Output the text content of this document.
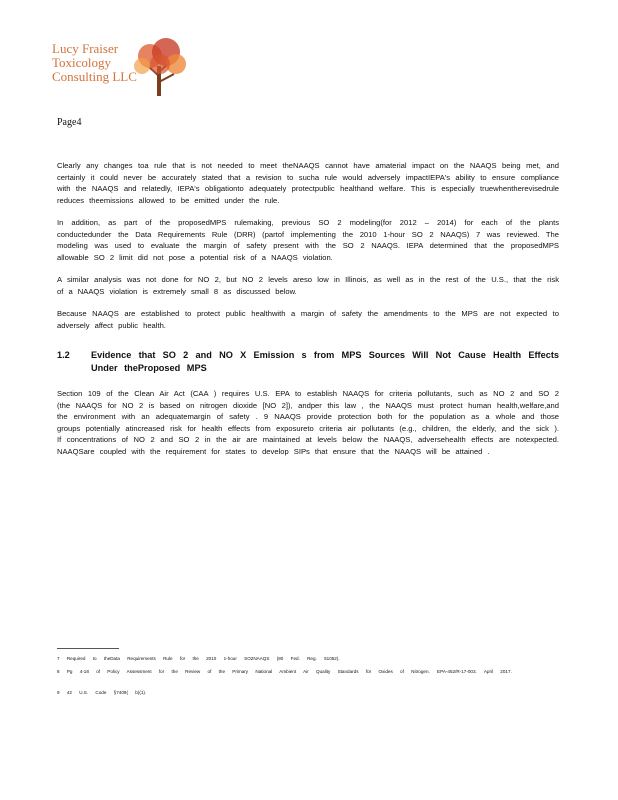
Lucy Fraiser
Toxicology
Consulting LLC
Page4

Clearly any changes toa rule that is not needed to meet theNAAQS cannot have amaterial impact on the NAAQS being met, and certainly it could never be accurately stated that a revision to sucha rule would adversely impactIEPA's ability to ensure compliance with the NAAQS and relatedly, IEPA's obligationto adequately protectpublic healthand welfare. This is especially truewhentherevisedrule reduces theemissions allowed to be emitted under the rule.

In addition, as part of the proposedMPS rulemaking, previous SO 2 modeling(for 2012 – 2014) for each of the plants conductedunder the Data Requirements Rule (DRR) (partof implementing the 2010 1-hour SO 2 NAAQS) 7 was reviewed. The modeling was used to evaluate the margin of safety present with the SO 2 NAAQS. IEPA determined that the proposedMPS allowable SO 2 limit did not pose a potential risk of a NAAQS violation.

A similar analysis was not done for NO 2, but NO 2 levels areso low in Illinois, as well as in the rest of the U.S., that the risk of a NAAQS violation is extremely small 8 as discussed below.

Because NAAQS are established to protect public healthwith a margin of safety the amendments to the MPS are not expected to adversely affect public health.

1.2	Evidence that SO 2 and NO X Emission s from MPS Sources Will Not Cause Health Effects Under theProposed MPS

Section 109 of the Clean Air Act (CAA ) requires U.S. EPA to establish NAAQS for criteria pollutants, such as NO 2 and SO 2 (the NAAQS for NO 2 is based on nitrogen dioxide [NO 2]), andper this law , the NAAQS must protect human health,welfare,and the environment with an adequatemargin of safety . 9 NAAQS provide protection both for the population as a whole and those groups potentially atincreased risk for health effects from exposureto criteria air pollutants (e.g., children, the elderly, and the sick ). If concentrations of NO 2 and SO 2 in the air are maintained at levels below the NAAQS, adversehealth effects are notexpected. NAAQSare coupled with the requirement for states to develop SIPs that ensure that the NAAQS will be attained .

7 Required to theData Requirements Rule for the 2010 1-hour SO2NAAQS (80 Fed. Reg. 51052).
8 Pg 4-18 of Policy Assessment for the Review of the Primary National Ambient Air Quality Standards for Oxides of Nitrogen. EPA-452/R-17-003. April 2017.
9 42 U.S. Code §7409( b)(1).
